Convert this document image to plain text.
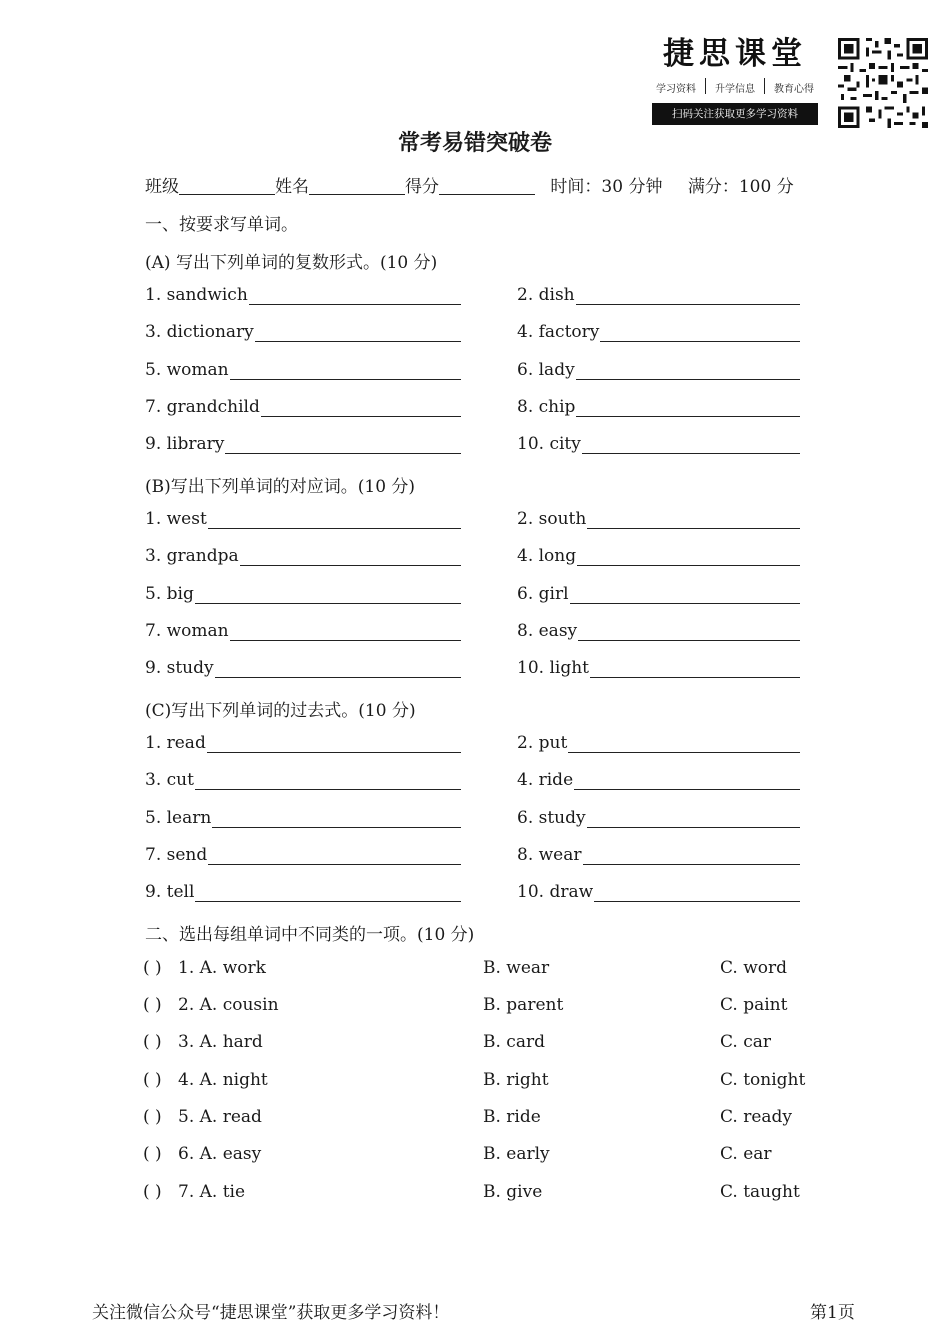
捷思课堂
学习资料 升学信息 教育心得
扫码关注获取更多学习资料
常考易错突破卷
班级	姓名	得分	时间：30 分钟 满分：100 分
一、按要求写单词。
(A) 写出下列单词的复数形式。(10 分)
1. sandwich	2. dish
3. dictionary	4. factory
5. woman	6. lady
7. grandchild	8. chip
9. library	10. city
(B)写出下列单词的对应词。(10 分)
1. west	2. south
3. grandpa	4. long
5. big	6. girl
7. woman	8. easy
9. study	10. light
(C)写出下列单词的过去式。(10 分)
1. read	2. put
3. cut	4. ride
5. learn	6. study
7. send	8. wear
9. tell	10. draw
二、选出每组单词中不同类的一项。(10 分)
( ) 1. A. work	B. wear	C. word
( ) 2. A. cousin	B. parent	C. paint
( ) 3. A. hard	B. card	C. car
( ) 4. A. night	B. right	C. tonight
( ) 5. A. read	B. ride	C. ready
( ) 6. A. easy	B. early	C. ear
( ) 7. A. tie	B. give	C. taught
关注微信公众号“捷思课堂”获取更多学习资料！	第1页
